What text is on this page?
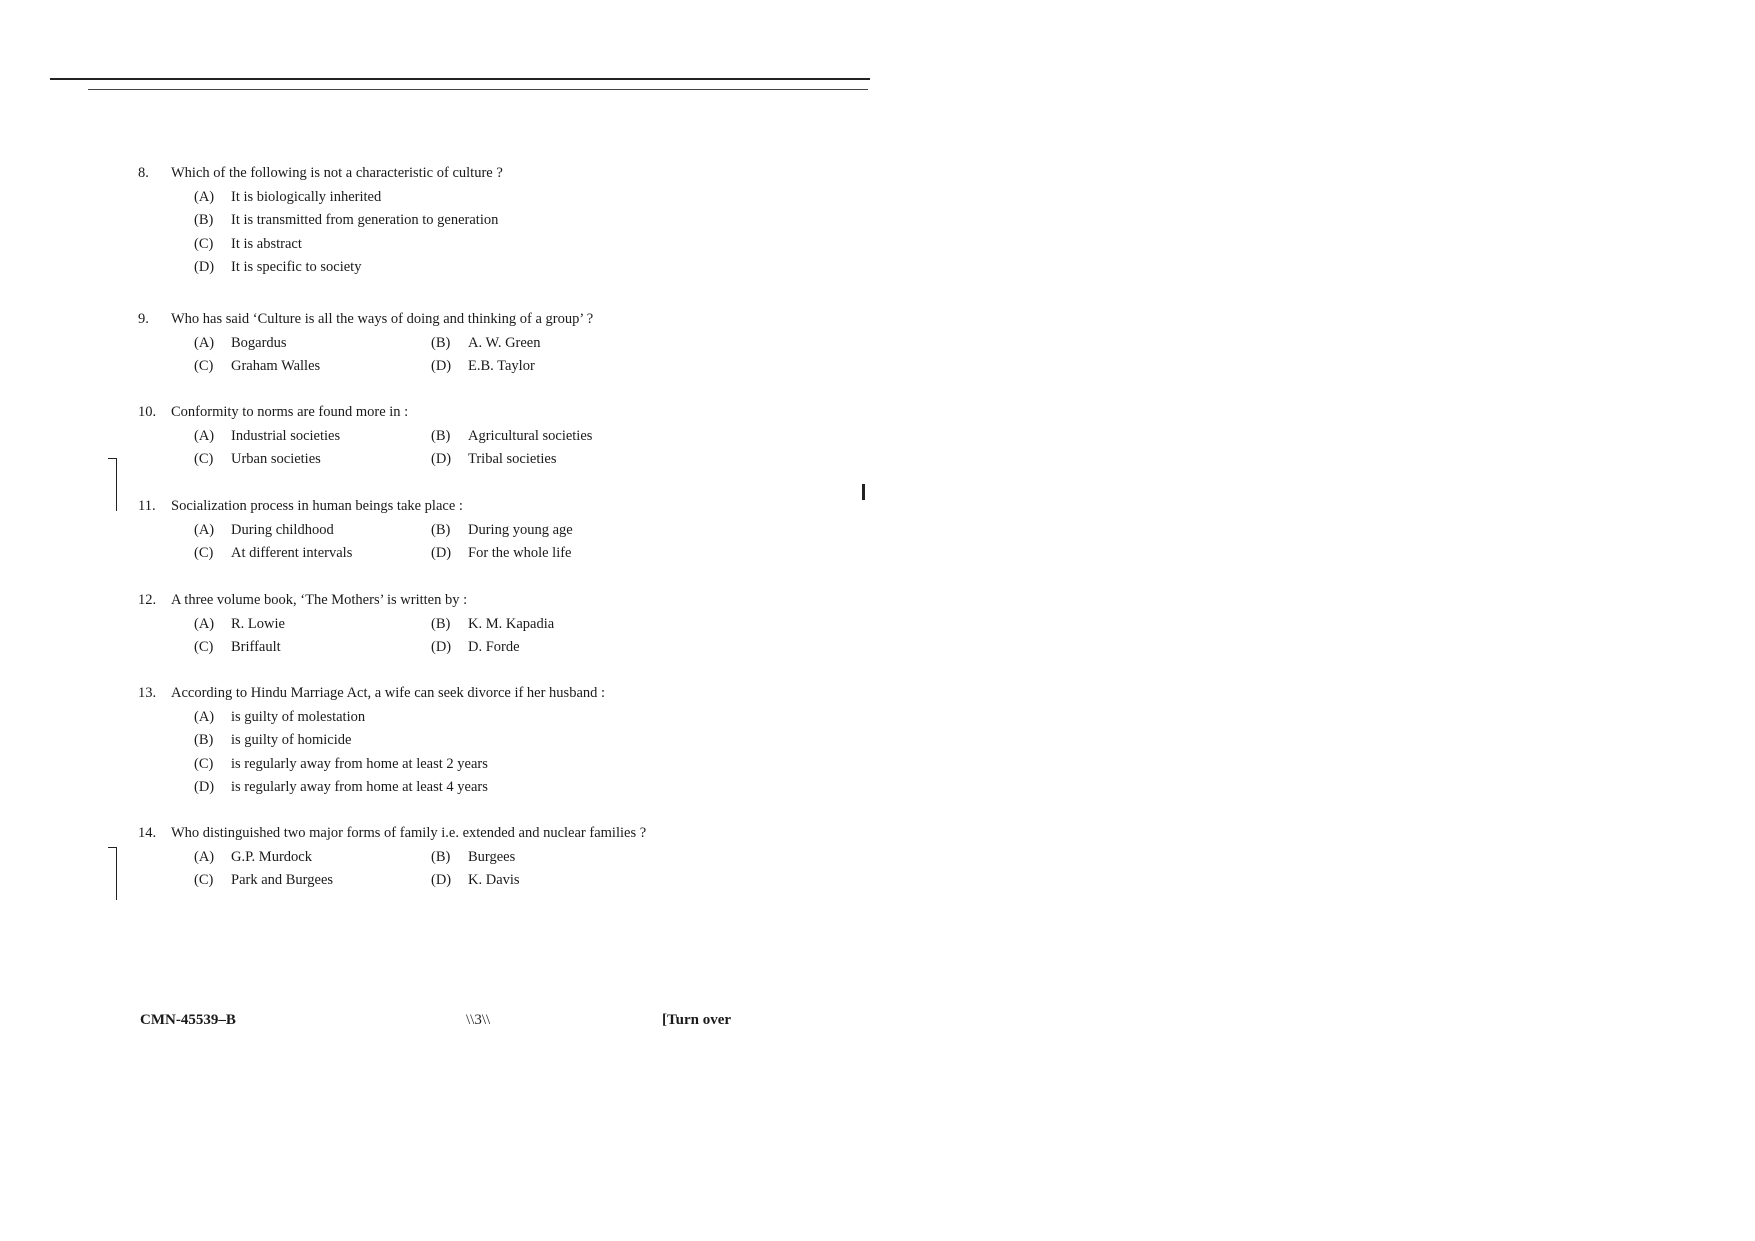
8.	Which of the following is not a characteristic of culture ?
(A)	It is biologically inherited
(B)	It is transmitted from generation to generation
(C)	It is abstract
(D)	It is specific to society
9.	Who has said ‘Culture is all the ways of doing and thinking of a group’ ?
(A)	Bogardus	(B)	A. W. Green
(C)	Graham Walles	(D)	E.B. Taylor
10.	Conformity to norms are found more in :
(A)	Industrial societies	(B)	Agricultural societies
(C)	Urban societies	(D)	Tribal societies
11.	Socialization process in human beings take place :
(A)	During childhood	(B)	During young age
(C)	At different intervals	(D)	For the whole life
12.	A three volume book, ‘The Mothers’ is written by :
(A)	R. Lowie	(B)	K. M. Kapadia
(C)	Briffault	(D)	D. Forde
13.	According to Hindu Marriage Act, a wife can seek divorce if her husband :
(A)	is guilty of molestation
(B)	is guilty of homicide
(C)	is regularly away from home at least 2 years
(D)	is regularly away from home at least 4 years
14.	Who distinguished two major forms of family i.e. extended and nuclear families ?
(A)	G.P. Murdock	(B)	Burgees
(C)	Park and Burgees	(D)	K. Davis
CMN-45539–B	\\3\\	[Turn over
